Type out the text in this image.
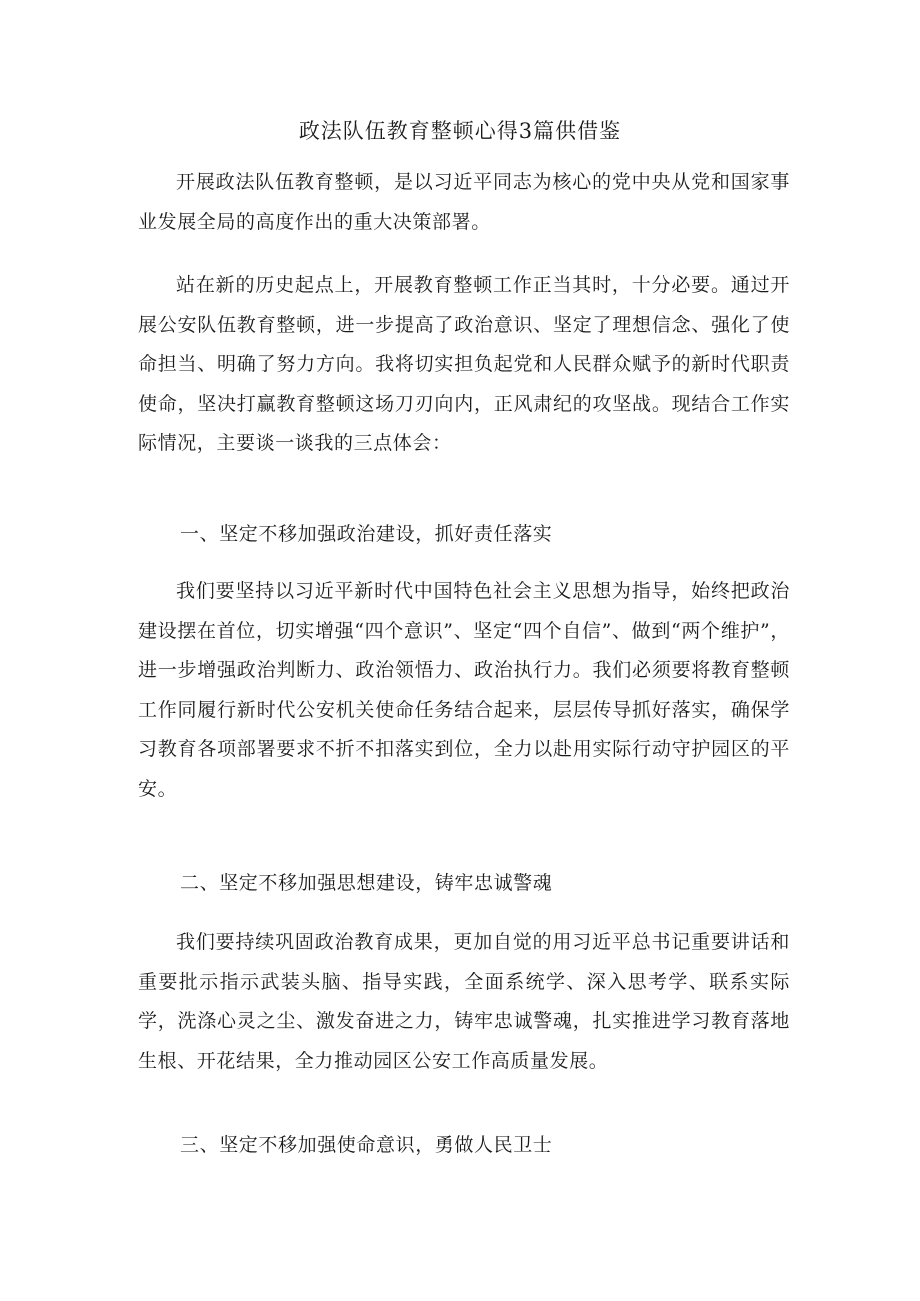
政法队伍教育整顿心得3篇供借鉴

开展政法队伍教育整顿，是以习近平同志为核心的党中央从党和国家事业发展全局的高度作出的重大决策部署。

站在新的历史起点上，开展教育整顿工作正当其时，十分必要。通过开展公安队伍教育整顿，进一步提高了政治意识、坚定了理想信念、强化了使命担当、明确了努力方向。我将切实担负起党和人民群众赋予的新时代职责使命，坚决打赢教育整顿这场刀刃向内，正风肃纪的攻坚战。现结合工作实际情况，主要谈一谈我的三点体会：

一、坚定不移加强政治建设，抓好责任落实

我们要坚持以习近平新时代中国特色社会主义思想为指导，始终把政治建设摆在首位，切实增强“四个意识”、坚定“四个自信”、做到“两个维护”，进一步增强政治判断力、政治领悟力、政治执行力。我们必须要将教育整顿工作同履行新时代公安机关使命任务结合起来，层层传导抓好落实，确保学习教育各项部署要求不折不扣落实到位，全力以赴用实际行动守护园区的平安。

二、坚定不移加强思想建设，铸牢忠诚警魂

我们要持续巩固政治教育成果，更加自觉的用习近平总书记重要讲话和重要批示指示武装头脑、指导实践，全面系统学、深入思考学、联系实际学，洗涤心灵之尘、激发奋进之力，铸牢忠诚警魂，扎实推进学习教育落地生根、开花结果，全力推动园区公安工作高质量发展。

三、坚定不移加强使命意识，勇做人民卫士
